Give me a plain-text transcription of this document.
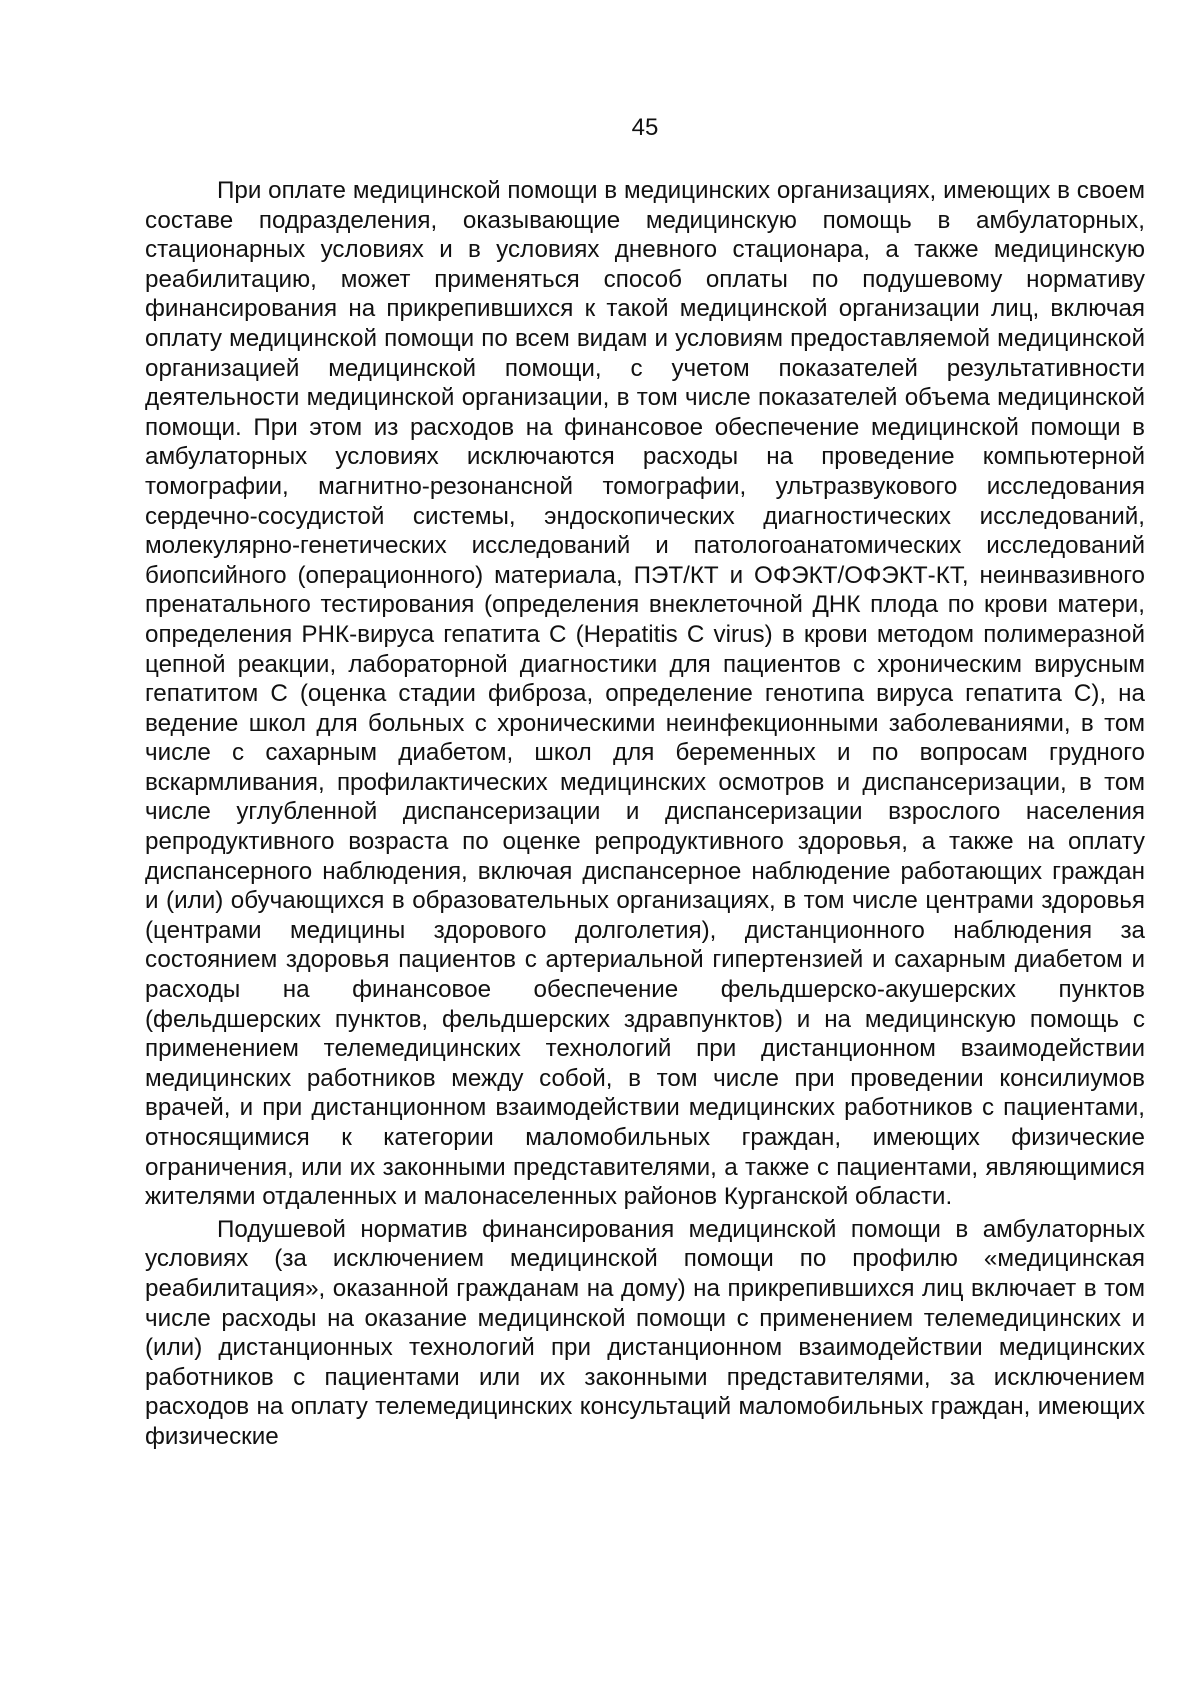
45

При оплате медицинской помощи в медицинских организациях, имеющих в своем составе подразделения, оказывающие медицинскую помощь в амбулаторных, стационарных условиях и в условиях дневного стационара, а также медицинскую реабилитацию, может применяться способ оплаты по подушевому нормативу финансирования на прикрепившихся к такой медицинской организации лиц, включая оплату медицинской помощи по всем видам и условиям предоставляемой медицинской организацией медицинской помощи, с учетом показателей результативности деятельности медицинской организации, в том числе показателей объема медицинской помощи. При этом из расходов на финансовое обеспечение медицинской помощи в амбулаторных условиях исключаются расходы на проведение компьютерной томографии, магнитно-резонансной томографии, ультразвукового исследования сердечно-сосудистой системы, эндоскопических диагностических исследований, молекулярно-генетических исследований и патологоанатомических исследований биопсийного (операционного) материала, ПЭТ/КТ и ОФЭКТ/ОФЭКТ-КТ, неинвазивного пренатального тестирования (определения внеклеточной ДНК плода по крови матери, определения РНК-вируса гепатита С (Hepatitis C virus) в крови методом полимеразной цепной реакции, лабораторной диагностики для пациентов с хроническим вирусным гепатитом С (оценка стадии фиброза, определение генотипа вируса гепатита С), на ведение школ для больных с хроническими неинфекционными заболеваниями, в том числе с сахарным диабетом, школ для беременных и по вопросам грудного вскармливания, профилактических медицинских осмотров и диспансеризации, в том числе углубленной диспансеризации и диспансеризации взрослого населения репродуктивного возраста по оценке репродуктивного здоровья, а также на оплату диспансерного наблюдения, включая диспансерное наблюдение работающих граждан и (или) обучающихся в образовательных организациях, в том числе центрами здоровья (центрами медицины здорового долголетия), дистанционного наблюдения за состоянием здоровья пациентов с артериальной гипертензией и сахарным диабетом и расходы на финансовое обеспечение фельдшерско-акушерских пунктов (фельдшерских пунктов, фельдшерских здравпунктов) и на медицинскую помощь с применением телемедицинских технологий при дистанционном взаимодействии медицинских работников между собой, в том числе при проведении консилиумов врачей, и при дистанционном взаимодействии медицинских работников с пациентами, относящимися к категории маломобильных граждан, имеющих физические ограничения, или их законными представителями, а также с пациентами, являющимися жителями отдаленных и малонаселенных районов Курганской области.

Подушевой норматив финансирования медицинской помощи в амбулаторных условиях (за исключением медицинской помощи по профилю «медицинская реабилитация», оказанной гражданам на дому) на прикрепившихся лиц включает в том числе расходы на оказание медицинской помощи с применением телемедицинских и (или) дистанционных технологий при дистанционном взаимодействии медицинских работников с пациентами или их законными представителями, за исключением расходов на оплату телемедицинских консультаций маломобильных граждан, имеющих физические
